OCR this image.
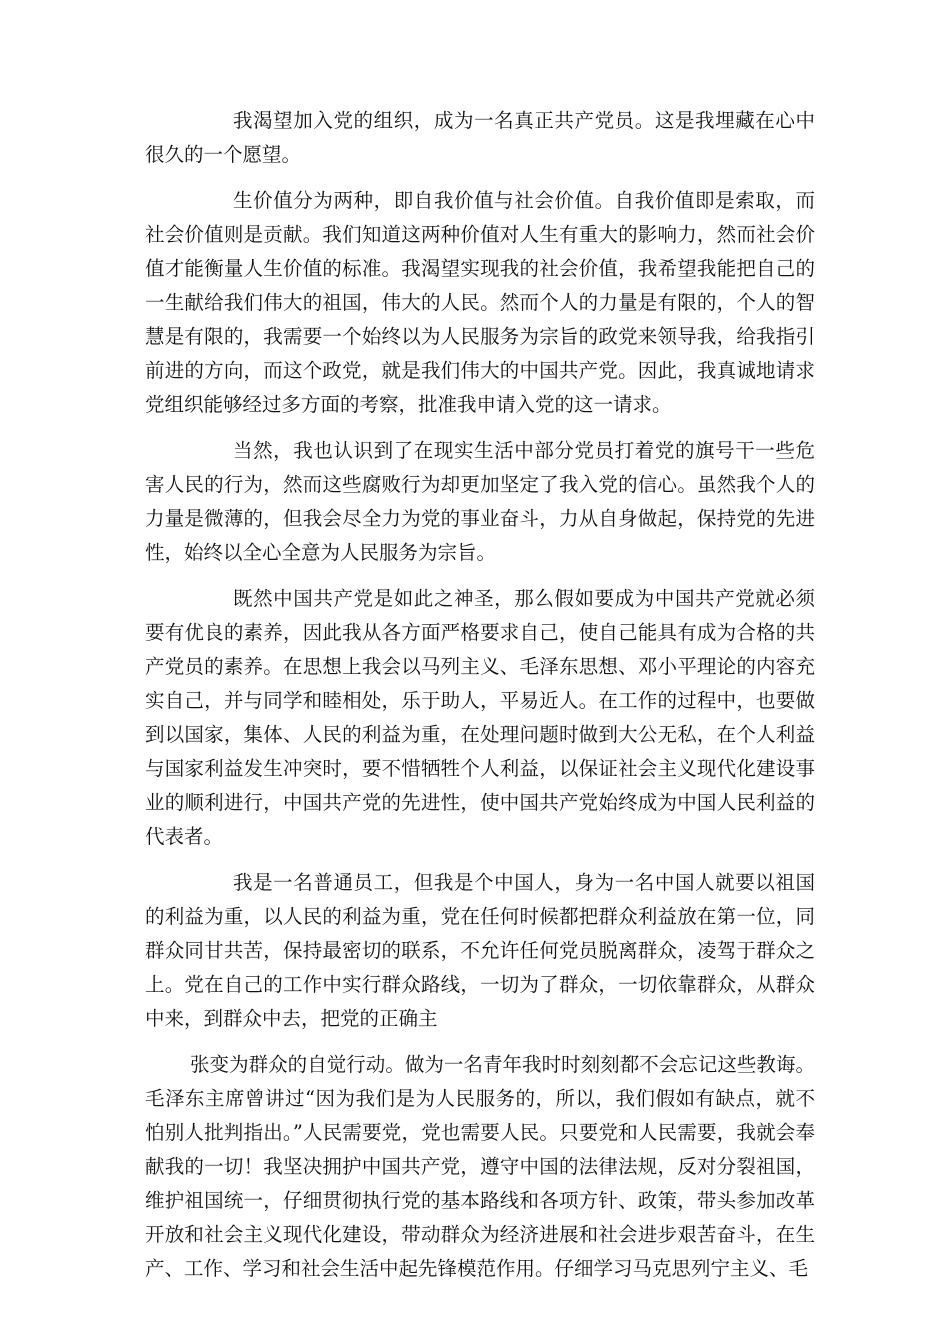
我渴望加入党的组织，成为一名真正共产党员。这是我埋藏在心中很久的一个愿望。

生价值分为两种，即自我价值与社会价值。自我价值即是索取，而社会价值则是贡献。我们知道这两种价值对人生有重大的影响力，然而社会价值才能衡量人生价值的标准。我渴望实现我的社会价值，我希望我能把自己的一生献给我们伟大的祖国，伟大的人民。然而个人的力量是有限的，个人的智慧是有限的，我需要一个始终以为人民服务为宗旨的政党来领导我，给我指引前进的方向，而这个政党，就是我们伟大的中国共产党。因此，我真诚地请求党组织能够经过多方面的考察，批准我申请入党的这一请求。

当然，我也认识到了在现实生活中部分党员打着党的旗号干一些危害人民的行为，然而这些腐败行为却更加坚定了我入党的信心。虽然我个人的力量是微薄的，但我会尽全力为党的事业奋斗，力从自身做起，保持党的先进性，始终以全心全意为人民服务为宗旨。

既然中国共产党是如此之神圣，那么假如要成为中国共产党就必须要有优良的素养，因此我从各方面严格要求自己，使自己能具有成为合格的共产党员的素养。在思想上我会以马列主义、毛泽东思想、邓小平理论的内容充实自己，并与同学和睦相处，乐于助人，平易近人。在工作的过程中，也要做到以国家，集体、人民的利益为重，在处理问题时做到大公无私，在个人利益与国家利益发生冲突时，要不惜牺牲个人利益，以保证社会主义现代化建设事业的顺利进行，中国共产党的先进性，使中国共产党始终成为中国人民利益的代表者。

我是一名普通员工，但我是个中国人，身为一名中国人就要以祖国的利益为重，以人民的利益为重，党在任何时候都把群众利益放在第一位，同群众同甘共苦，保持最密切的联系，不允许任何党员脱离群众，凌驾于群众之上。党在自己的工作中实行群众路线，一切为了群众，一切依靠群众，从群众中来，到群众中去，把党的正确主

张变为群众的自觉行动。做为一名青年我时时刻刻都不会忘记这些教诲。毛泽东主席曾讲过“因为我们是为人民服务的，所以，我们假如有缺点，就不怕别人批判指出。”人民需要党，党也需要人民。只要党和人民需要，我就会奉献我的一切！我坚决拥护中国共产党，遵守中国的法律法规，反对分裂祖国，维护祖国统一，仔细贯彻执行党的基本路线和各项方针、政策，带头参加改革开放和社会主义现代化建设，带动群众为经济进展和社会进步艰苦奋斗，在生产、工作、学习和社会生活中起先锋模范作用。仔细学习马克思列宁主义、毛
